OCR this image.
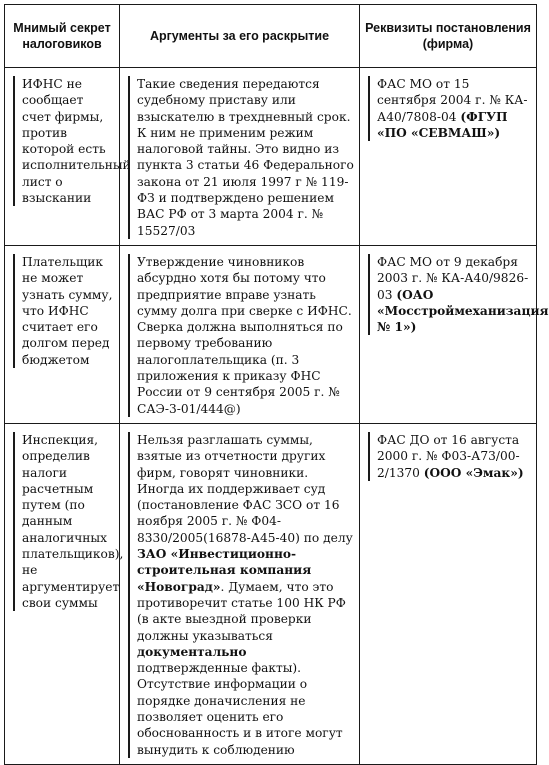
Мнимый секрет налоговиков	Аргументы за его раскрытие	Реквизиты постановления (фирма)

ИФНС не сообщает счет фирмы, против которой есть исполнительный лист о взыскании	Такие сведения передаются судебному приставу или взыскателю в трехдневный срок. К ним не применим режим налоговой тайны. Это видно из пункта 3 статьи 46 Федерального закона от 21 июля 1997 г № 119-ФЗ и подтверждено решением ВАС РФ от 3 марта 2004 г. № 15527/03	ФАС МО от 15 сентября 2004 г. № КА-А40/7808-04 (ФГУП «ПО «СЕВМАШ»)

Плательщик не может узнать сумму, что ИФНС считает его долгом перед бюджетом	Утверждение чиновников абсурдно хотя бы потому что предприятие вправе узнать сумму долга при сверке с ИФНС. Сверка должна выполняться по первому требованию налогоплательщика (п. 3 приложения к приказу ФНС России от 9 сентября 2005 г. № САЭ-3-01/444@)	ФАС МО от 9 декабря 2003 г. № КА-А40/9826-03 (ОАО «Мосстроймеханизация № 1»)

Инспекция, определив налоги расчетным путем (по данным аналогичных плательщиков), не аргументирует свои суммы	Нельзя разглашать суммы, взятые из отчетности других фирм, говорят чиновники. Иногда их поддерживает суд (постановление ФАС ЗСО от 16 ноября 2005 г. № Ф04-8330/2005(16878-А45-40) по делу ЗАО «Инвестиционно-строительная компания «Новоград». Думаем, что это противоречит статье 100 НК РФ (в акте выездной проверки должны указываться документально подтвержденные факты). Отсутствие информации о порядке доначисления не позволяет оценить его обоснованность и в итоге могут вынудить к соблюдению	ФАС ДО от 16 августа 2000 г. № Ф03-А73/00-2/1370 (ООО «Эмак»)
